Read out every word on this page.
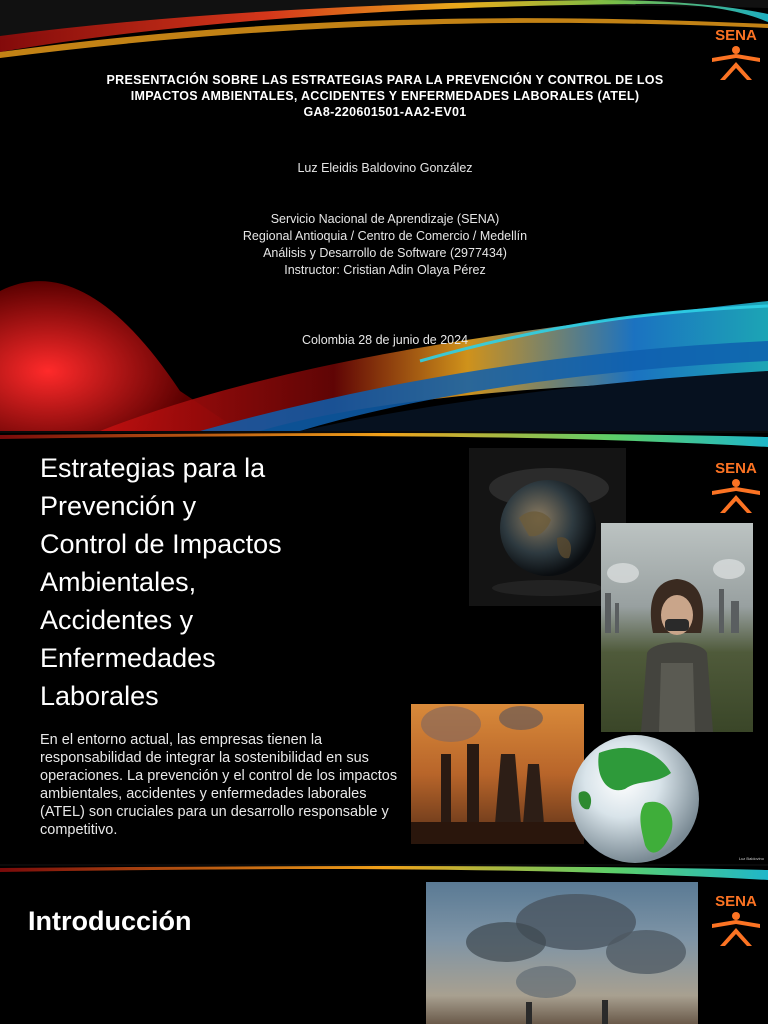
SENA
PRESENTACIÓN SOBRE LAS ESTRATEGIAS PARA LA PREVENCIÓN Y CONTROL DE LOS
IMPACTOS AMBIENTALES, ACCIDENTES Y ENFERMEDADES LABORALES (ATEL)
GA8-220601501-AA2-EV01
Luz Eleidis Baldovino González
Servicio Nacional de Aprendizaje (SENA)
Regional Antioquia / Centro de Comercio / Medellín
Análisis y Desarrollo de Software (2977434)
Instructor: Cristian Adin Olaya Pérez
Colombia 28 de junio de 2024
SENA
Estrategias para la
Prevención y
Control de Impactos
Ambientales,
Accidentes y
Enfermedades
Laborales
En el entorno actual, las empresas tienen la
responsabilidad de integrar la sostenibilidad en sus
operaciones. La prevención y el control de los impactos
ambientales, accidentes y enfermedades laborales
(ATEL) son cruciales para un desarrollo responsable y
competitivo.
Luz Baldovino
SENA
Introducción
